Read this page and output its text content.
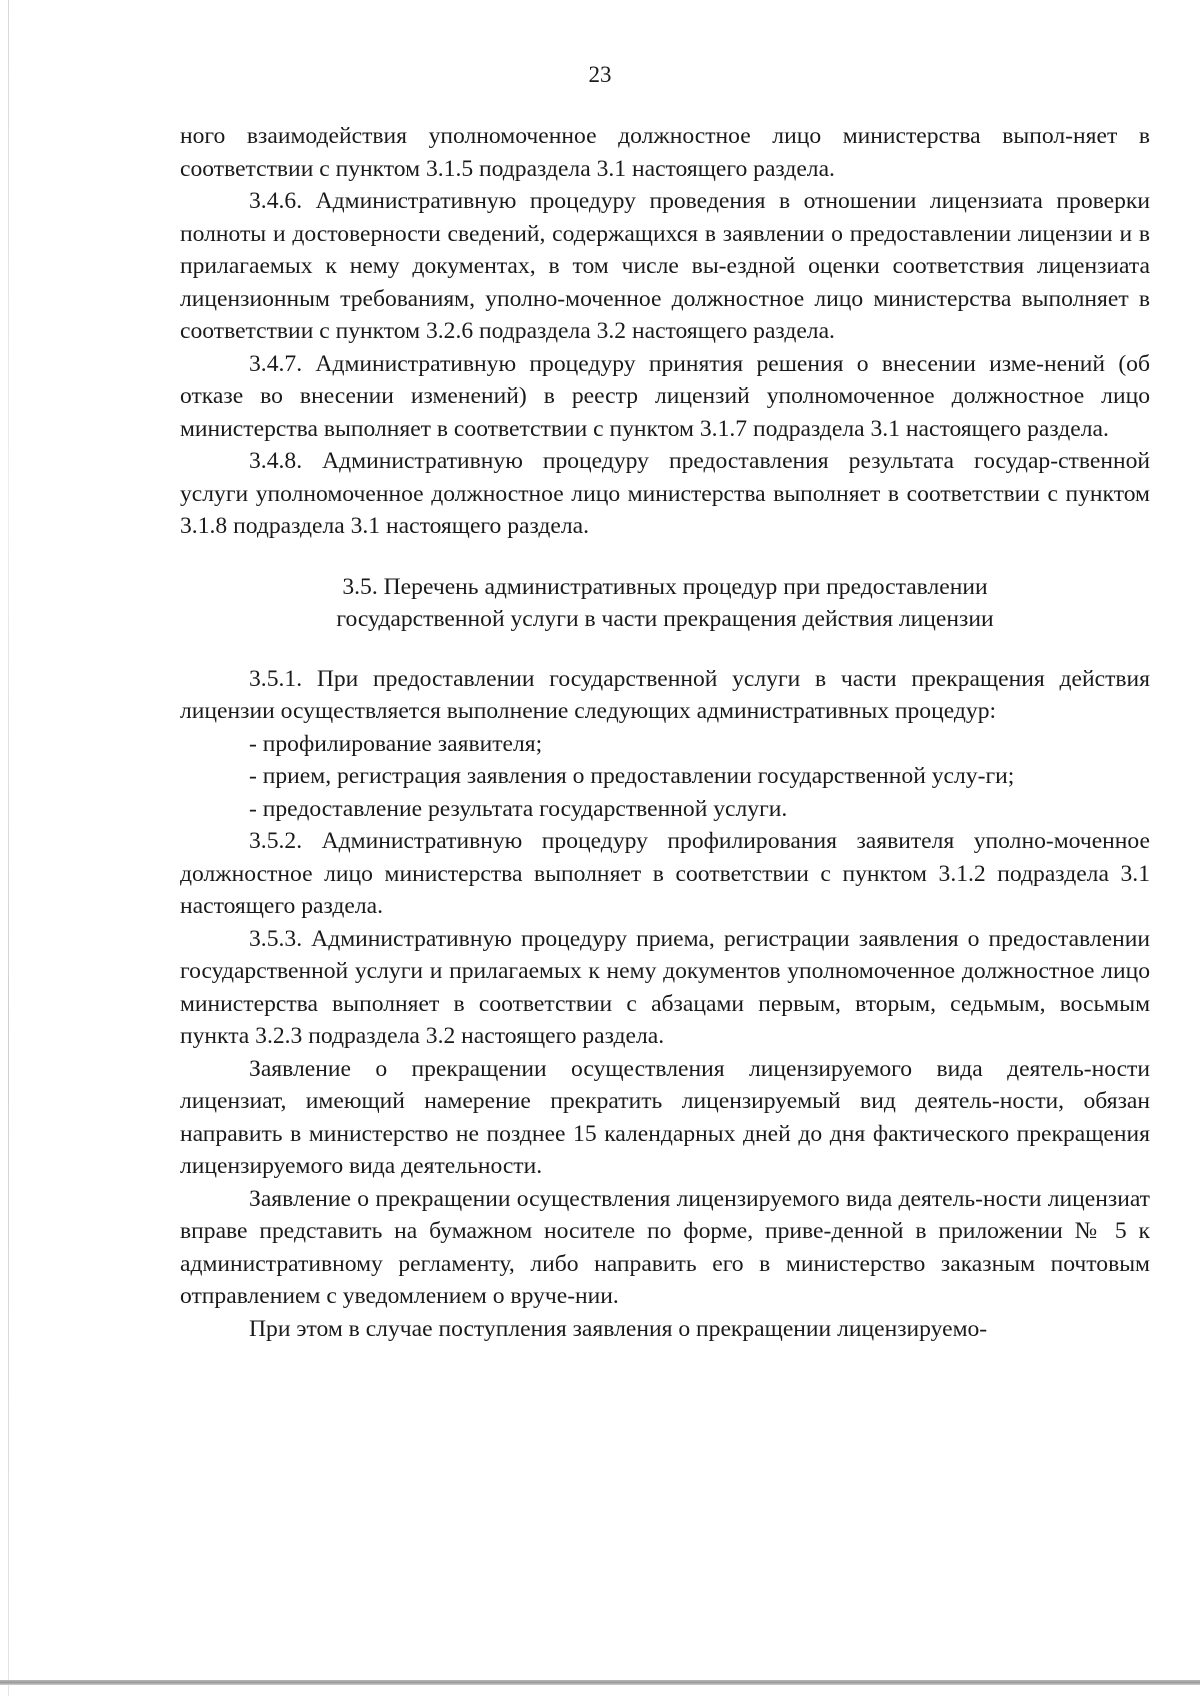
23

ного взаимодействия уполномоченное должностное лицо министерства выпол-няет в соответствии с пунктом 3.1.5 подраздела 3.1 настоящего раздела.

3.4.6. Административную процедуру проведения в отношении лицензиата проверки полноты и достоверности сведений, содержащихся в заявлении о предоставлении лицензии и в прилагаемых к нему документах, в том числе вы-ездной оценки соответствия лицензиата лицензионным требованиям, уполно-моченное должностное лицо министерства выполняет в соответствии с пунктом 3.2.6 подраздела 3.2 настоящего раздела.

3.4.7. Административную процедуру принятия решения о внесении изме-нений (об отказе во внесении изменений) в реестр лицензий уполномоченное должностное лицо министерства выполняет в соответствии с пунктом 3.1.7 подраздела 3.1 настоящего раздела.

3.4.8. Административную процедуру предоставления результата государ-ственной услуги уполномоченное должностное лицо министерства выполняет в соответствии с пунктом 3.1.8 подраздела 3.1 настоящего раздела.

3.5. Перечень административных процедур при предоставлении
государственной услуги в части прекращения действия лицензии

3.5.1. При предоставлении государственной услуги в части прекращения действия лицензии осуществляется выполнение следующих административных процедур:

- профилирование заявителя;

- прием, регистрация заявления о предоставлении государственной услу-ги;

- предоставление результата государственной услуги.

3.5.2. Административную процедуру профилирования заявителя уполно-моченное должностное лицо министерства выполняет в соответствии с пунктом 3.1.2 подраздела 3.1 настоящего раздела.

3.5.3. Административную процедуру приема, регистрации заявления о предоставлении государственной услуги и прилагаемых к нему документов уполномоченное должностное лицо министерства выполняет в соответствии с абзацами первым, вторым, седьмым, восьмым пункта 3.2.3 подраздела 3.2 настоящего раздела.

Заявление о прекращении осуществления лицензируемого вида деятель-ности лицензиат, имеющий намерение прекратить лицензируемый вид деятель-ности, обязан направить в министерство не позднее 15 календарных дней до дня фактического прекращения лицензируемого вида деятельности.

Заявление о прекращении осуществления лицензируемого вида деятель-ности лицензиат вправе представить на бумажном носителе по форме, приве-денной в приложении № 5 к административному регламенту, либо направить его в министерство заказным почтовым отправлением с уведомлением о вруче-нии.

При этом в случае поступления заявления о прекращении лицензируемо-
